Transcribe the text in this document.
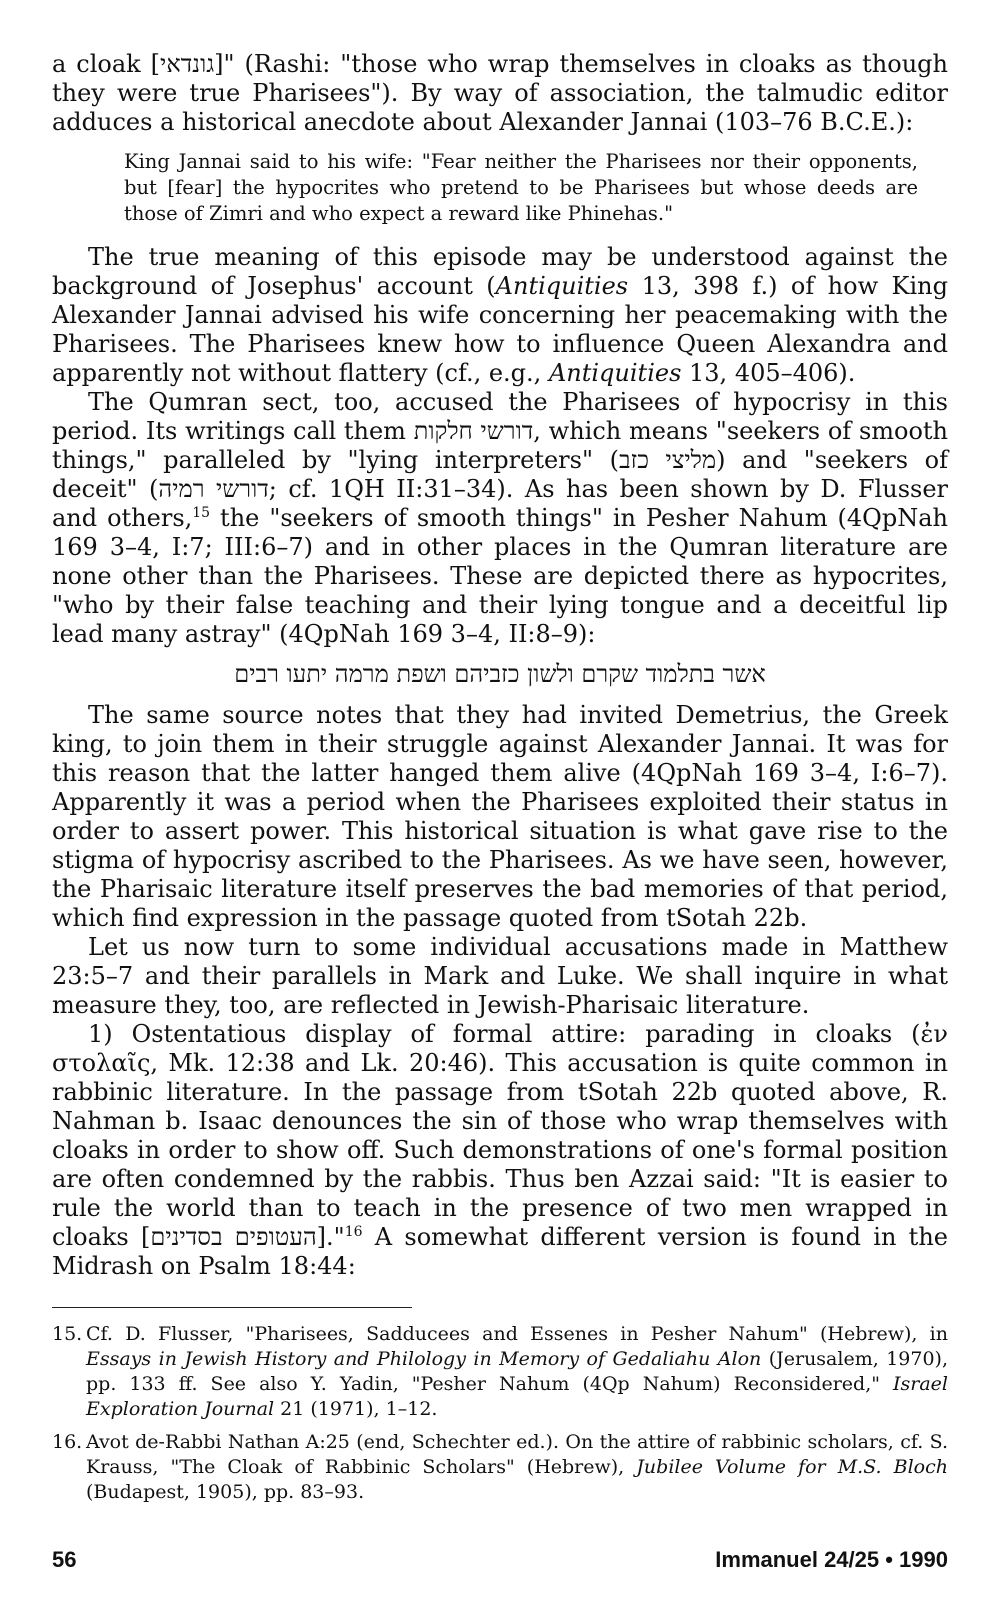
a cloak [גונדאי]" (Rashi: "those who wrap themselves in cloaks as though they were true Pharisees"). By way of association, the talmudic editor adduces a historical anecdote about Alexander Jannai (103–76 B.C.E.):

King Jannai said to his wife: "Fear neither the Pharisees nor their opponents, but [fear] the hypocrites who pretend to be Pharisees but whose deeds are those of Zimri and who expect a reward like Phinehas."

The true meaning of this episode may be understood against the background of Josephus' account (Antiquities 13, 398 f.) of how King Alexander Jannai advised his wife concerning her peacemaking with the Pharisees. The Pharisees knew how to influence Queen Alexandra and apparently not without flattery (cf., e.g., Antiquities 13, 405–406).

The Qumran sect, too, accused the Pharisees of hypocrisy in this period. Its writings call them דורשי חלקות, which means "seekers of smooth things," paralleled by "lying interpreters" (מליצי כזב) and "seekers of deceit" (דורשי רמיה; cf. 1QH II:31–34). As has been shown by D. Flusser and others,$^{15}$ the "seekers of smooth things" in Pesher Nahum (4QpNah 169 3–4, I:7; III:6–7) and in other places in the Qumran literature are none other than the Pharisees. These are depicted there as hypocrites, "who by their false teaching and their lying tongue and a deceitful lip lead many astray" (4QpNah 169 3–4, II:8–9):

אשר בתלמוד שקרם ולשון כזביהם ושפת מרמה יתעו רבים

The same source notes that they had invited Demetrius, the Greek king, to join them in their struggle against Alexander Jannai. It was for this reason that the latter hanged them alive (4QpNah 169 3–4, I:6–7). Apparently it was a period when the Pharisees exploited their status in order to assert power. This historical situation is what gave rise to the stigma of hypocrisy ascribed to the Pharisees. As we have seen, however, the Pharisaic literature itself preserves the bad memories of that period, which find expression in the passage quoted from tSotah 22b.

Let us now turn to some individual accusations made in Matthew 23:5–7 and their parallels in Mark and Luke. We shall inquire in what measure they, too, are reflected in Jewish-Pharisaic literature.

1) Ostentatious display of formal attire: parading in cloaks (ἐν στολαῖς, Mk. 12:38 and Lk. 20:46). This accusation is quite common in rabbinic literature. In the passage from tSotah 22b quoted above, R. Nahman b. Isaac denounces the sin of those who wrap themselves with cloaks in order to show off. Such demonstrations of one's formal position are often condemned by the rabbis. Thus ben Azzai said: "It is easier to rule the world than to teach in the presence of two men wrapped in cloaks [העטופים בסדינים]."$^{16}$ A somewhat different version is found in the Midrash on Psalm 18:44:

15. Cf. D. Flusser, "Pharisees, Sadducees and Essenes in Pesher Nahum" (Hebrew), in Essays in Jewish History and Philology in Memory of Gedaliahu Alon (Jerusalem, 1970), pp. 133 ff. See also Y. Yadin, "Pesher Nahum (4Qp Nahum) Reconsidered," Israel Exploration Journal 21 (1971), 1–12.
16. Avot de-Rabbi Nathan A:25 (end, Schechter ed.). On the attire of rabbinic scholars, cf. S. Krauss, "The Cloak of Rabbinic Scholars" (Hebrew), Jubilee Volume for M.S. Bloch (Budapest, 1905), pp. 83–93.
56	Immanuel 24/25 • 1990
